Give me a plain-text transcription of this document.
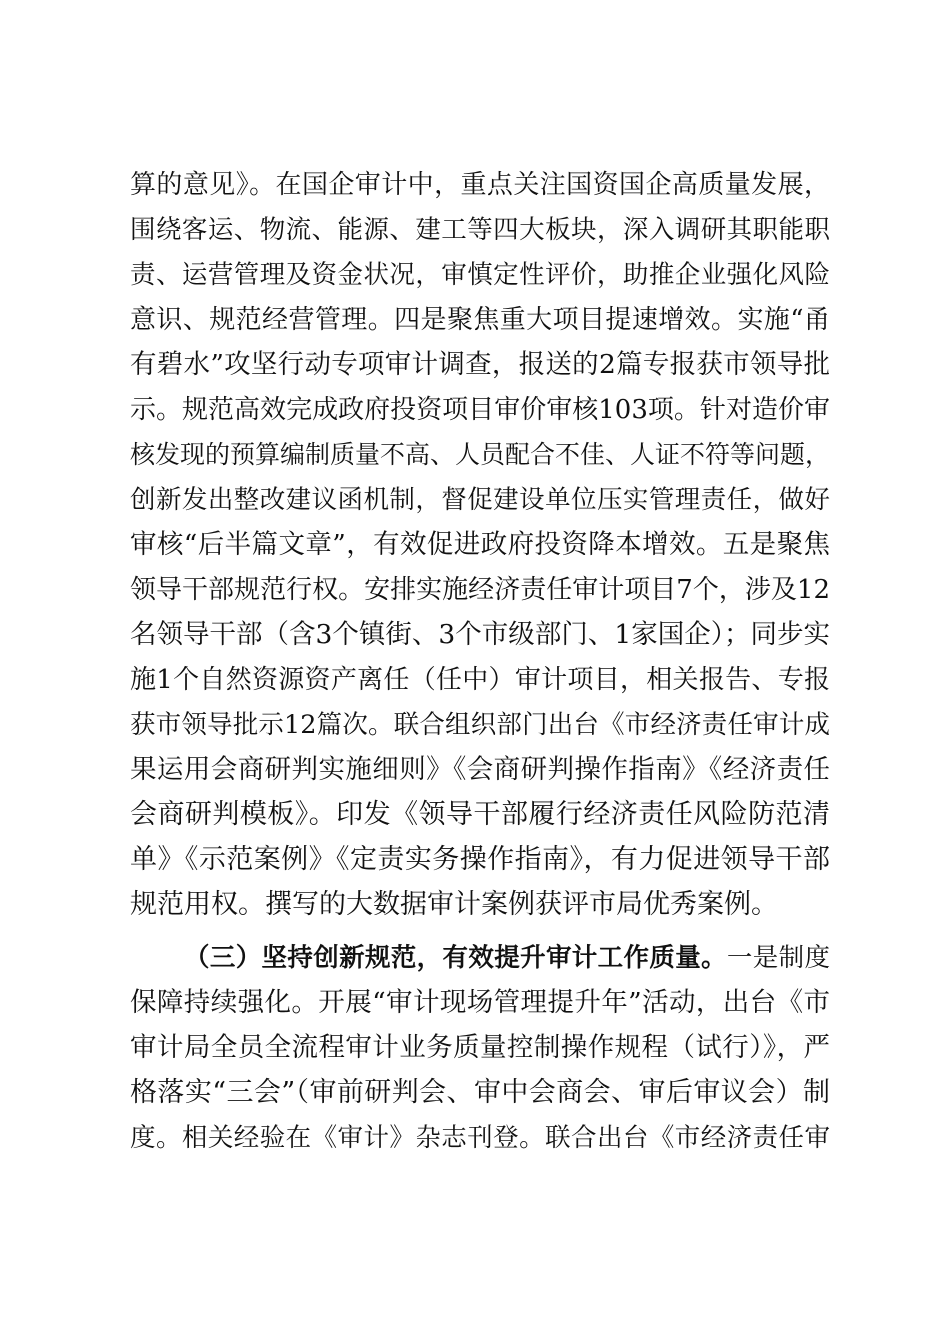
算的意见》。在国企审计中，重点关注国资国企高质量发展，
围绕客运、物流、能源、建工等四大板块，深入调研其职能职
责、运营管理及资金状况，审慎定性评价，助推企业强化风险
意识、规范经营管理。四是聚焦重大项目提速增效。实施“甬
有碧水”攻坚行动专项审计调查，报送的2篇专报获市领导批
示。规范高效完成政府投资项目审价审核103项。针对造价审
核发现的预算编制质量不高、人员配合不佳、人证不符等问题，
创新发出整改建议函机制，督促建设单位压实管理责任，做好
审核“后半篇文章”，有效促进政府投资降本增效。五是聚焦
领导干部规范行权。安排实施经济责任审计项目7个，涉及12
名领导干部（含3个镇街、3个市级部门、1家国企）；同步实
施1个自然资源资产离任（任中）审计项目，相关报告、专报
获市领导批示12篇次。联合组织部门出台《市经济责任审计成
果运用会商研判实施细则》《会商研判操作指南》《经济责任
会商研判模板》。印发《领导干部履行经济责任风险防范清
单》《示范案例》《定责实务操作指南》，有力促进领导干部
规范用权。撰写的大数据审计案例获评市局优秀案例。
（三）坚持创新规范，有效提升审计工作质量。一是制度
保障持续强化。开展“审计现场管理提升年”活动，出台《市
审计局全员全流程审计业务质量控制操作规程（试行）》，严
格落实“三会”（审前研判会、审中会商会、审后审议会）制
度。相关经验在《审计》杂志刊登。联合出台《市经济责任审
